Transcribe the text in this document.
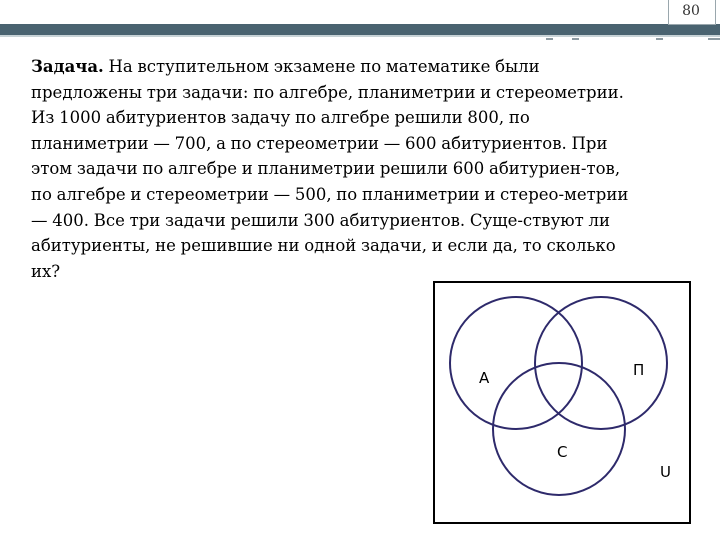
80
Задача. На вступительном экзамене по математике были
предложены три задачи: по алгебре, планиметрии и стереометрии.
Из 1000 абитуриентов задачу по алгебре решили 800, по
планиметрии — 700, а по стереометрии — 600 абитуриентов. При
этом задачи по алгебре и планиметрии решили 600 абитуриен-тов,
по алгебре и стереометрии — 500, по планиметрии и стерео-метрии
— 400. Все три задачи решили 300 абитуриентов. Суще-ствуют ли
абитуриенты, не решившие ни одной задачи, и если да, то сколько
их?
А	П
С
U
